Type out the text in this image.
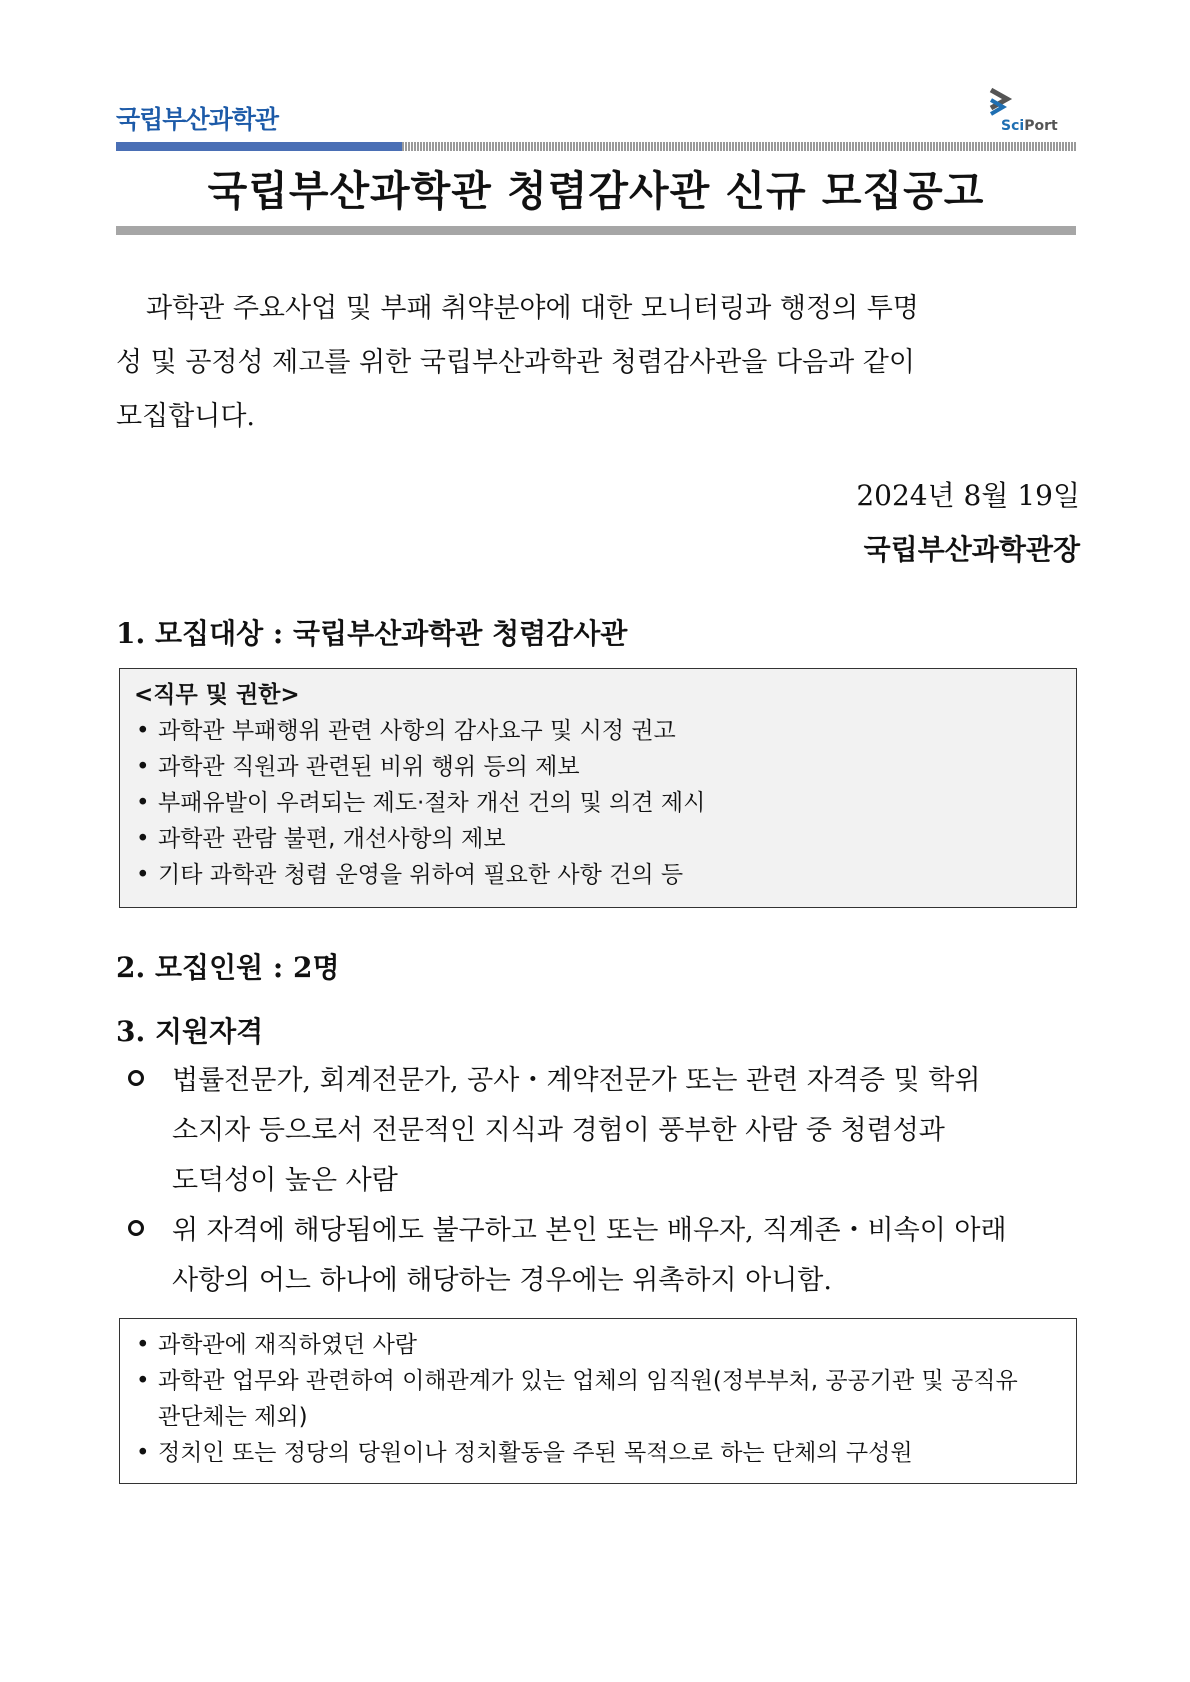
국립부산과학관	SciPort
국립부산과학관 청렴감사관 신규 모집공고
과학관 주요사업 및 부패 취약분야에 대한 모니터링과 행정의 투명
성 및 공정성 제고를 위한 국립부산과학관 청렴감사관을 다음과 같이
모집합니다.
2024년 8월 19일
국립부산과학관장
1. 모집대상 : 국립부산과학관 청렴감사관
<직무 및 권한>
• 과학관 부패행위 관련 사항의 감사요구 및 시정 권고
• 과학관 직원과 관련된 비위 행위 등의 제보
• 부패유발이 우려되는 제도·절차 개선 건의 및 의견 제시
• 과학관 관람 불편, 개선사항의 제보
• 기타 과학관 청렴 운영을 위하여 필요한 사항 건의 등
2. 모집인원 : 2명
3. 지원자격
법률전문가, 회계전문가, 공사・계약전문가 또는 관련 자격증 및 학위
소지자 등으로서 전문적인 지식과 경험이 풍부한 사람 중 청렴성과
도덕성이 높은 사람
위 자격에 해당됨에도 불구하고 본인 또는 배우자, 직계존・비속이 아래
사항의 어느 하나에 해당하는 경우에는 위촉하지 아니함.
• 과학관에 재직하였던 사람
• 과학관 업무와 관련하여 이해관계가 있는 업체의 임직원(정부부처, 공공기관 및 공직유관단체는 제외)
• 정치인 또는 정당의 당원이나 정치활동을 주된 목적으로 하는 단체의 구성원
